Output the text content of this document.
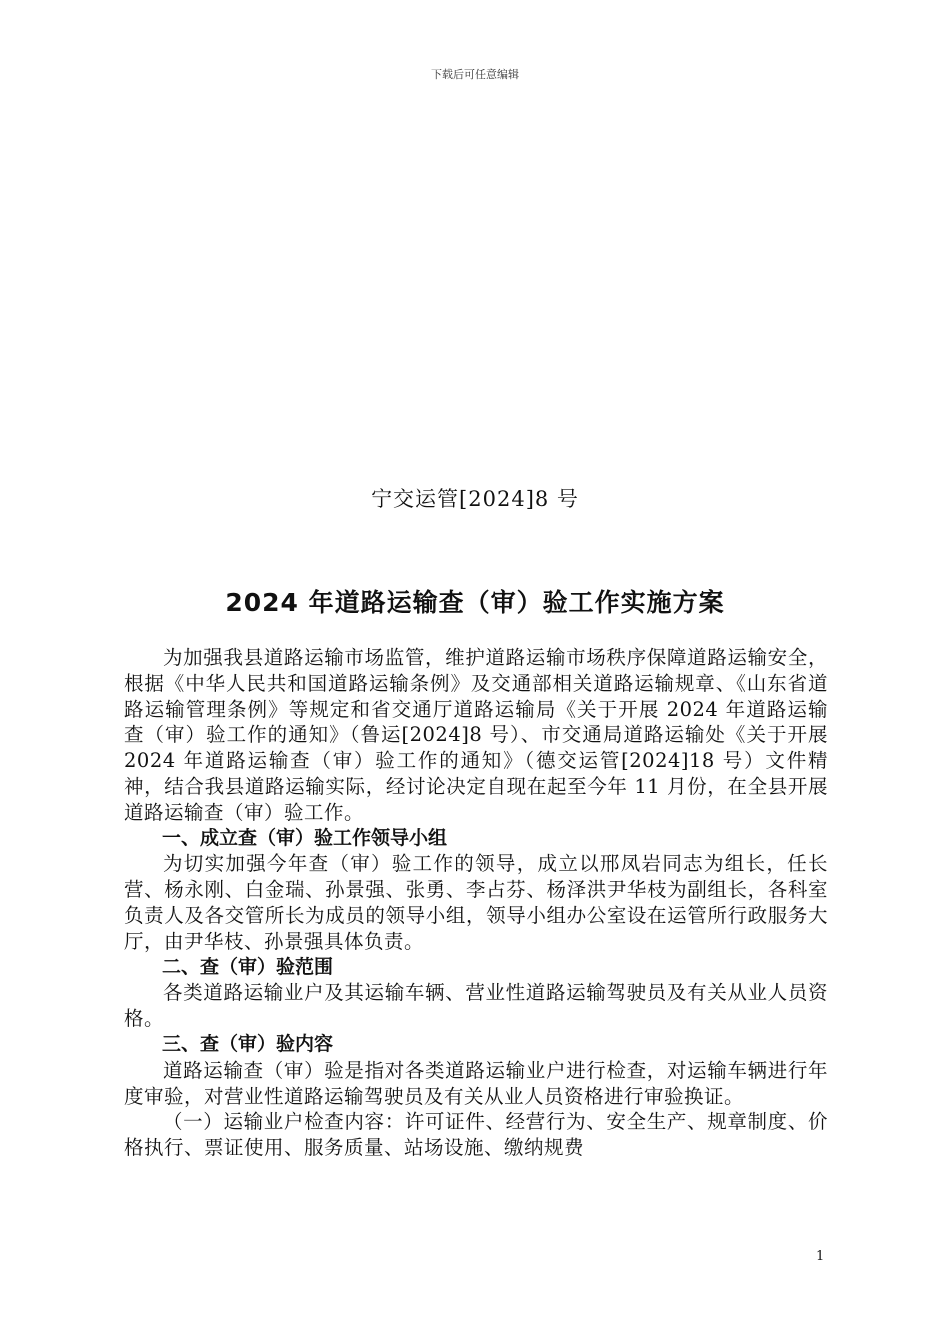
下载后可任意编辑
宁交运管[2024]8 号
2024 年道路运输查（审）验工作实施方案

为加强我县道路运输市场监管，维护道路运输市场秩序保障道路运输安全，根据《中华人民共和国道路运输条例》及交通部相关道路运输规章、《山东省道路运输管理条例》等规定和省交通厅道路运输局《关于开展 2024 年道路运输查（审）验工作的通知》（鲁运[2024]8 号）、市交通局道路运输处《关于开展 2024 年道路运输查（审）验工作的通知》（德交运管[2024]18 号）文件精神，结合我县道路运输实际，经讨论决定自现在起至今年 11 月份，在全县开展道路运输查（审）验工作。

一、成立查（审）验工作领导小组

为切实加强今年查（审）验工作的领导，成立以邢凤岩同志为组长，任长营、杨永刚、白金瑞、孙景强、张勇、李占芬、杨泽洪尹华枝为副组长，各科室负责人及各交管所长为成员的领导小组，领导小组办公室设在运管所行政服务大厅，由尹华枝、孙景强具体负责。

二、查（审）验范围

各类道路运输业户及其运输车辆、营业性道路运输驾驶员及有关从业人员资格。

三、查（审）验内容

道路运输查（审）验是指对各类道路运输业户进行检查，对运输车辆进行年度审验，对营业性道路运输驾驶员及有关从业人员资格进行审验换证。

（一）运输业户检查内容：许可证件、经营行为、安全生产、规章制度、价格执行、票证使用、服务质量、站场设施、缴纳规费

1
